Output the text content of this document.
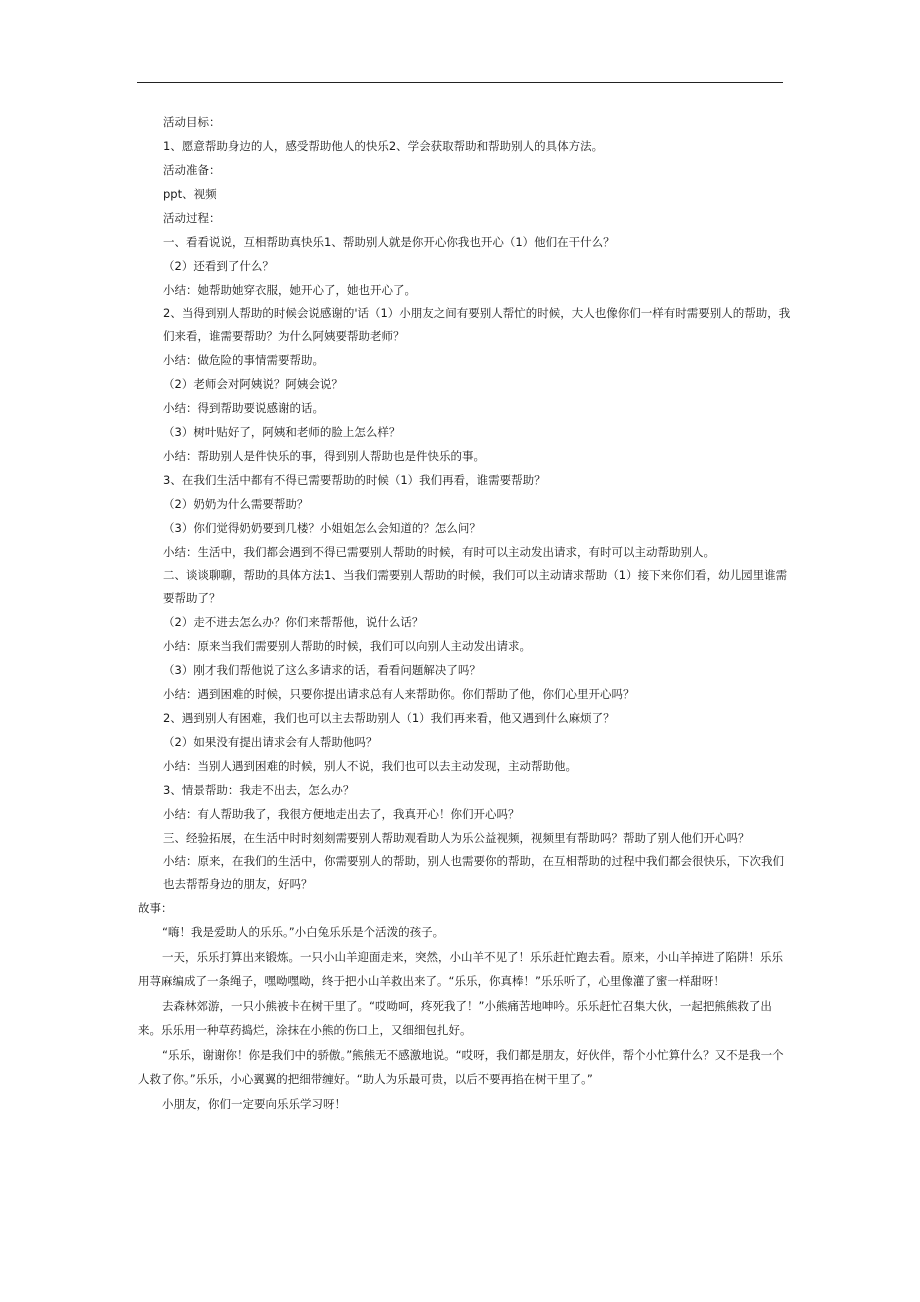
活动目标：

1、愿意帮助身边的人，感受帮助他人的快乐2、学会获取帮助和帮助别人的具体方法。

活动准备：

ppt、视频

活动过程：

一、看看说说，互相帮助真快乐1、帮助别人就是你开心你我也开心（1）他们在干什么？

（2）还看到了什么？

小结：她帮助她穿衣服，她开心了，她也开心了。

2、当得到别人帮助的时候会说感谢的'话（1）小朋友之间有要别人帮忙的时候，大人也像你们一样有时需要别人的帮助，我们来看，谁需要帮助？为什么阿姨要帮助老师？

小结：做危险的事情需要帮助。

（2）老师会对阿姨说？阿姨会说？

小结：得到帮助要说感谢的话。

（3）树叶贴好了，阿姨和老师的脸上怎么样？

小结：帮助别人是件快乐的事，得到别人帮助也是件快乐的事。

3、在我们生活中都有不得已需要帮助的时候（1）我们再看，谁需要帮助？

（2）奶奶为什么需要帮助？

（3）你们觉得奶奶要到几楼？小姐姐怎么会知道的？怎么问？

小结：生活中，我们都会遇到不得已需要别人帮助的时候，有时可以主动发出请求，有时可以主动帮助别人。

二、谈谈聊聊，帮助的具体方法1、当我们需要别人帮助的时候，我们可以主动请求帮助（1）接下来你们看，幼儿园里谁需要帮助了？

（2）走不进去怎么办？你们来帮帮他，说什么话？

小结：原来当我们需要别人帮助的时候，我们可以向别人主动发出请求。

（3）刚才我们帮他说了这么多请求的话，看看问题解决了吗？

小结：遇到困难的时候，只要你提出请求总有人来帮助你。你们帮助了他，你们心里开心吗？

2、遇到别人有困难，我们也可以主去帮助别人（1）我们再来看，他又遇到什么麻烦了？

（2）如果没有提出请求会有人帮助他吗？

小结：当别人遇到困难的时候，别人不说，我们也可以去主动发现，主动帮助他。

3、情景帮助：我走不出去，怎么办？

小结：有人帮助我了，我很方便地走出去了，我真开心！你们开心吗？

三、经验拓展，在生活中时时刻刻需要别人帮助观看助人为乐公益视频，视频里有帮助吗？帮助了别人他们开心吗？

小结：原来，在我们的生活中，你需要别人的帮助，别人也需要你的帮助，在互相帮助的过程中我们都会很快乐，下次我们也去帮帮身边的朋友，好吗？

故事：

“嗨！我是爱助人的乐乐。”小白兔乐乐是个活泼的孩子。

一天，乐乐打算出来锻炼。一只小山羊迎面走来，突然，小山羊不见了！乐乐赶忙跑去看。原来，小山羊掉进了陷阱！乐乐用荨麻编成了一条绳子，嘿呦嘿呦，终于把小山羊救出来了。“乐乐，你真棒！”乐乐听了，心里像灌了蜜一样甜呀！

去森林郊游，一只小熊被卡在树干里了。“哎呦呵，疼死我了！”小熊痛苦地呻吟。乐乐赶忙召集大伙，一起把熊熊救了出来。乐乐用一种草药捣烂，涂抹在小熊的伤口上，又细细包扎好。

“乐乐，谢谢你！你是我们中的骄傲。”熊熊无不感激地说。“哎呀，我们都是朋友，好伙伴，帮个小忙算什么？又不是我一个人救了你。”乐乐，小心翼翼的把细带缠好。“助人为乐最可贵，以后不要再掐在树干里了。”

小朋友，你们一定要向乐乐学习呀！
